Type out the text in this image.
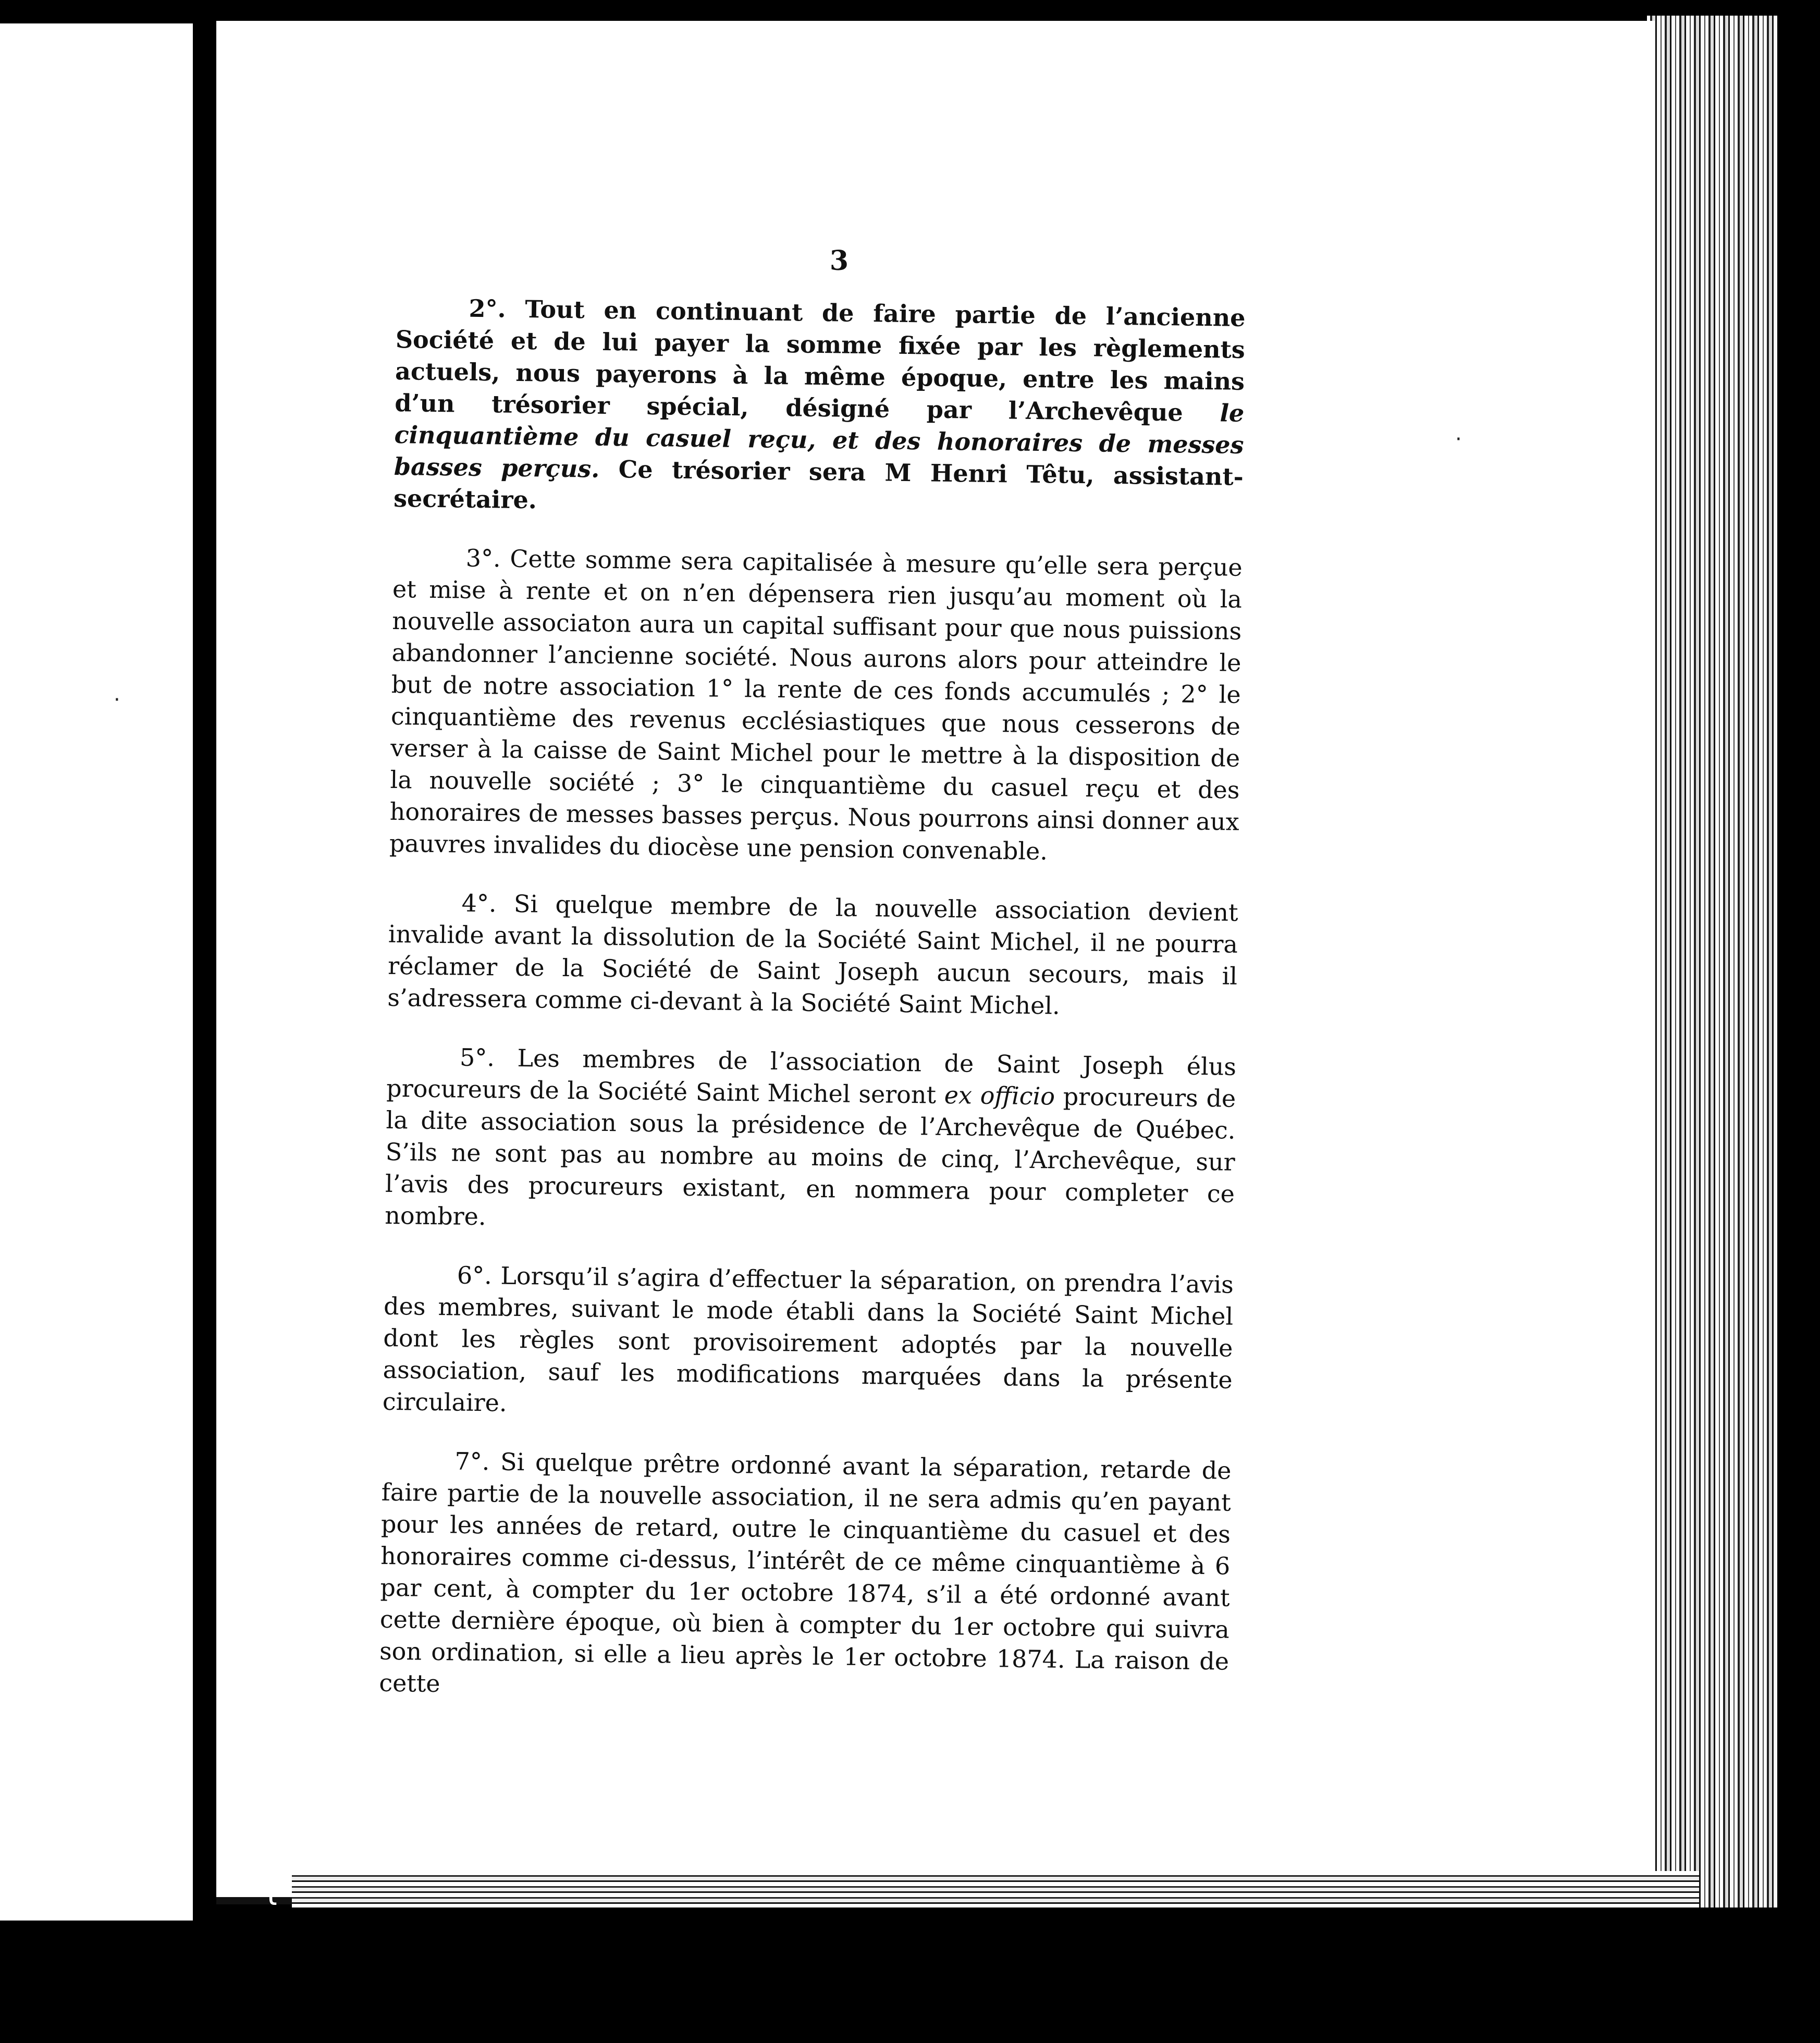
3

2°. Tout en continuant de faire partie de l’ancienne Société et de lui payer la somme fixée par les règlements actuels, nous payerons à la même époque, entre les mains d’un trésorier spécial, désigné par l’Archevêque le cinquantième du casuel reçu, et des honoraires de messes basses perçus. Ce trésorier sera M Henri Têtu, assistant-secrétaire.

3°. Cette somme sera capitalisée à mesure qu’elle sera perçue et mise à rente et on n’en dépensera rien jusqu’au moment où la nouvelle associaton aura un capital suffisant pour que nous puissions abandonner l’ancienne société. Nous aurons alors pour atteindre le but de notre association 1° la rente de ces fonds accumulés ; 2° le cinquantième des revenus ecclésiastiques que nous cesserons de verser à la caisse de Saint Michel pour le mettre à la disposition de la nouvelle société ; 3° le cinquantième du casuel reçu et des honoraires de messes basses perçus. Nous pourrons ainsi donner aux pauvres invalides du diocèse une pension convenable.

4°. Si quelque membre de la nouvelle association devient invalide avant la dissolution de la Société Saint Michel, il ne pourra réclamer de la Société de Saint Joseph aucun secours, mais il s’adressera comme ci-devant à la Société Saint Michel.

5°. Les membres de l’association de Saint Joseph élus procureurs de la Société Saint Michel seront ex officio procureurs de la dite association sous la présidence de l’Archevêque de Québec. S’ils ne sont pas au nombre au moins de cinq, l’Archevêque, sur l’avis des procureurs existant, en nommera pour completer ce nombre.

6°. Lorsqu’il s’agira d’effectuer la séparation, on prendra l’avis des membres, suivant le mode établi dans la Société Saint Michel dont les règles sont provisoirement adoptés par la nouvelle association, sauf les modifications marquées dans la présente circulaire.

7°. Si quelque prêtre ordonné avant la séparation, retarde de faire partie de la nouvelle association, il ne sera admis qu’en payant pour les années de retard, outre le cinquantième du casuel et des honoraires comme ci-dessus, l’intérêt de ce même cinquantième à 6 par cent, à compter du 1er octobre 1874, s’il a été ordonné avant cette dernière époque, où bien à compter du 1er octobre qui suivra son ordination, si elle a lieu après le 1er octobre 1874. La raison de cette

·
·
ι
